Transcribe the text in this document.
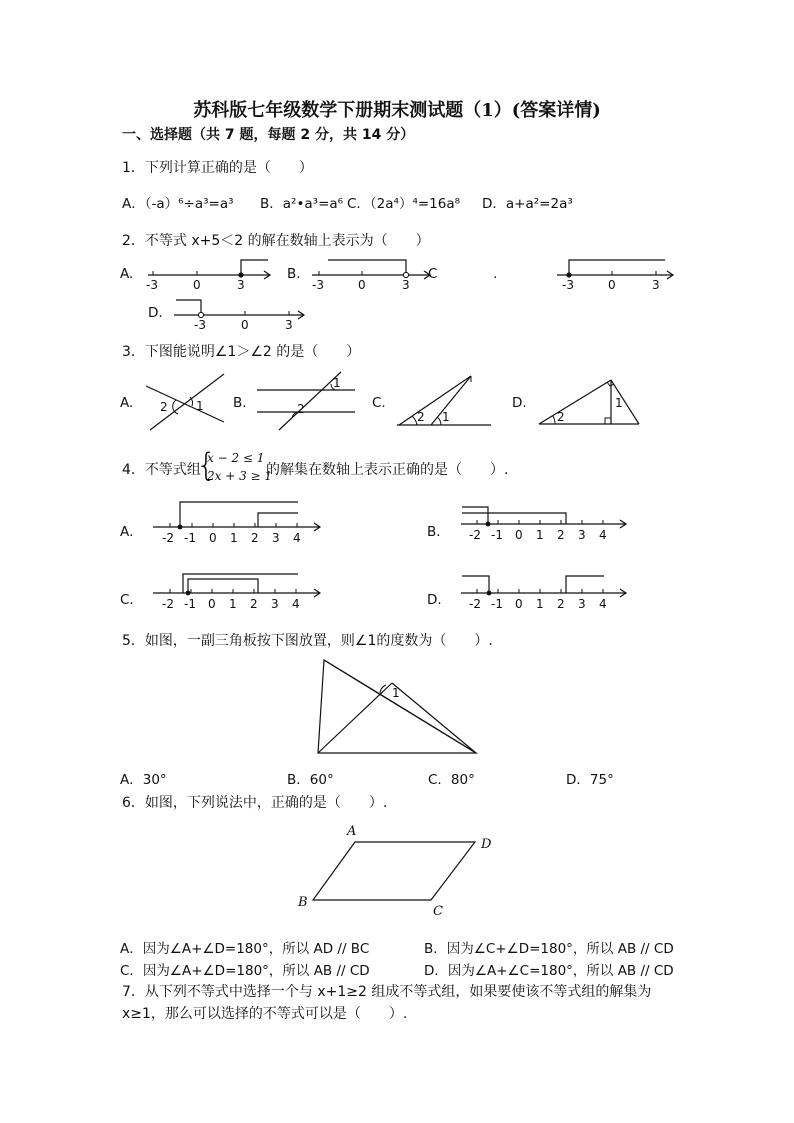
苏科版七年级数学下册期末测试题（1）(答案详情)
一、选择题（共 7 题，每题 2 分，共 14 分）
1．下列计算正确的是（　　）
A．（-a）⁶÷a³=a³ B．a²•a³=a⁶ C．（2a⁴）⁴=16a⁸ D．a+a²=2a³
2．不等式 x+5＜2 的解在数轴上表示为（　　）
A.	B.	C	.
D.
-3	0	3	-3	0	3	-3	0	3
-3	0	3
3．下图能说明∠1＞∠2 的是（　　）
A.	B.	C.	D.
2 1
1
2
2 1	2
1
4．不等式组
{
x − 2 ≤ 1
2x + 3 ≥ 1
的解集在数轴上表示正确的是（　　）.
A．	B．
C．	D．
-2 -1 0 1 2 3 4	-2 -1 0 1 2 3 4
-2 -1 0 1 2 3 4	-2 -1 0 1 2 3 4
5．如图，一副三角板按下图放置，则∠1的度数为（　　）.
1
A．30°	B．60°	C．80°	D．75°
6．如图，下列说法中，正确的是（　　）.
A
D
B
C
A．因为∠A+∠D=180°，所以 AD // BC	B．因为∠C+∠D=180°，所以 AB // CD
C．因为∠A+∠D=180°，所以 AB // CD	D．因为∠A+∠C=180°，所以 AB // CD
7．从下列不等式中选择一个与 x+1≥2 组成不等式组，如果要使该不等式组的解集为
x≥1，那么可以选择的不等式可以是（　　）.
